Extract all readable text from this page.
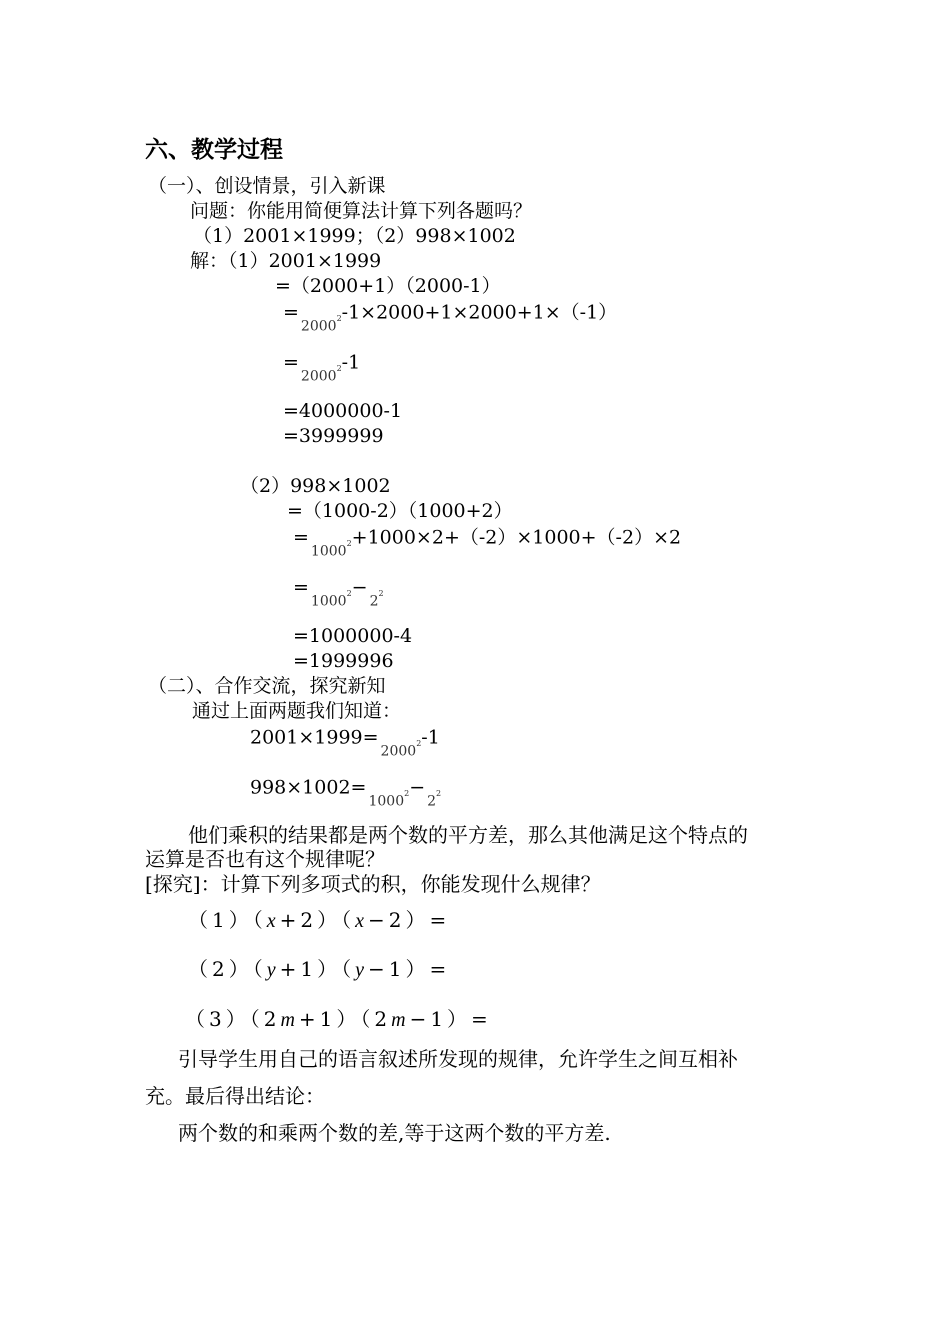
六、教学过程
（一）、创设情景，引入新课
问题：你能用简便算法计算下列各题吗？
（1）2001×1999；（2）998×1002
解：（1）2001×1999
=（2000+1）（2000-1）
$=2000^2-1\times 2000+1\times 2000+1\times(-1)$
$=2000^2-1$
=4000000-1
=3999999
（2）998×1002
=（1000-2）（1000+2）
$=1000^2+1000\times 2+(-2)\times 1000+(-2)\times 2$
$=1000^2-2^2$
=1000000-4
=1999996
（二）、合作交流，探究新知
通过上面两题我们知道：
$2001\times 1999=2000^2-1$
$998\times 1002=1000^2-2^2$
他们乘积的结果都是两个数的平方差，那么其他满足这个特点的
运算是否也有这个规律呢？
[探究]：计算下列多项式的积，你能发现什么规律？
（1）（x+2）（x−2）=
（2）（y+1）（y−1）=
（3）（2m+1）（2m−1）=
引导学生用自己的语言叙述所发现的规律，允许学生之间互相补
充。最后得出结论：
两个数的和乘两个数的差,等于这两个数的平方差.
